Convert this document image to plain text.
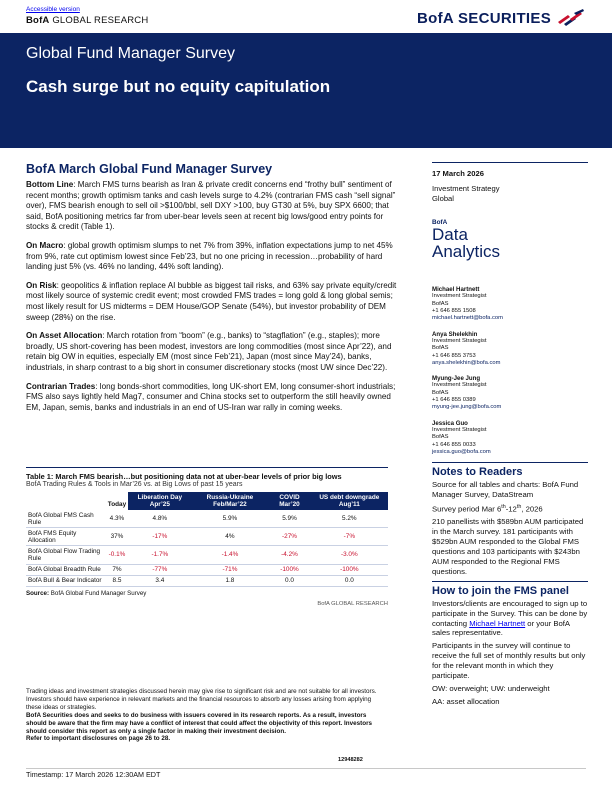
Accessible version
BofA GLOBAL RESEARCH	BofA SECURITIES
Global Fund Manager Survey
Cash surge but no equity capitulation
BofA March Global Fund Manager Survey

Bottom Line: March FMS turns bearish as Iran & private credit concerns end “frothy bull” sentiment of recent months; growth optimism tanks and cash levels surge to 4.2% (contrarian FMS cash “sell signal” over), FMS bearish enough to sell oil >$100/bbl, sell DXY >100, buy GT30 at 5%, buy SPX 6600; that said, BofA positioning metrics far from uber-bear levels seen at recent big lows/good entry points for stocks & credit (Table 1).

On Macro: global growth optimism slumps to net 7% from 39%, inflation expectations jump to net 45% from 9%, rate cut optimism lowest since Feb’23, but no one pricing in recession…probability of hard landing just 5% (vs. 46% no landing, 44% soft landing).

On Risk: geopolitics & inflation replace AI bubble as biggest tail risks, and 63% say private equity/credit most likely source of systemic credit event; most crowded FMS trades = long gold & long global semis; most likely result for US midterms = DEM House/GOP Senate (54%), but investor probability of DEM sweep (28%) on the rise.

On Asset Allocation: March rotation from “boom” (e.g., banks) to “stagflation” (e.g., staples); more broadly, US short-covering has been modest, investors are long commodities (most since Apr’22), and retain big OW in equities, especially EM (most since Feb’21), Japan (most since May’24), banks, industrials, in sharp contrast to a big short in consumer discretionary stocks (most UW since Dec’22).

Contrarian Trades: long bonds-short commodities, long UK-short EM, long consumer-short industrials; FMS also says lightly held Mag7, consumer and China stocks set to outperform the still heavily owned EM, Japan, semis, banks and industrials in an end of US-Iran war rally in coming weeks.

Table 1: March FMS bearish…but positioning data not at uber-bear levels of prior big lows
BofA Trading Rules & Tools in Mar’26 vs. at Big Lows of past 15 years
	Today	Liberation Day Apr’25	Russia-Ukraine Feb/Mar’22	COVID Mar’20	US debt downgrade Aug’11
BofA Global FMS Cash Rule	4.3%	4.8%	5.9%	5.9%	5.2%
BofA FMS Equity Allocation	37%	-17%	4%	-27%	-7%
BofA Global Flow Trading Rule	-0.1%	-1.7%	-1.4%	-4.2%	-3.0%
BofA Global Breadth Rule	7%	-77%	-71%	-100%	-100%
BofA Bull & Bear Indicator	8.5	3.4	1.8	0.0	0.0
Source: BofA Global Fund Manager Survey
BofA GLOBAL RESEARCH
17 March 2026
Investment Strategy
Global
BofA
Data
Analytics
Michael Hartnett
Investment Strategist
BofAS
+1 646 855 1508
michael.hartnett@bofa.com
Anya Shelekhin
Investment Strategist
BofAS
+1 646 855 3753
anya.shelekhin@bofa.com
Myung-Jee Jung
Investment Strategist
BofAS
+1 646 855 0389
myung-jee.jung@bofa.com
Jessica Guo
Investment Strategist
BofAS
+1 646 855 0033
jessica.guo@bofa.com
Notes to Readers

Source for all tables and charts: BofA Fund Manager Survey, DataStream

Survey period Mar 6th-12th, 2026

210 panellists with $589bn AUM participated in the March survey. 181 participants with $529bn AUM responded to the Global FMS questions and 103 participants with $243bn AUM responded to the Regional FMS questions.

How to join the FMS panel

Investors/clients are encouraged to sign up to participate in the Survey. This can be done by contacting Michael Hartnett or your BofA sales representative.

Participants in the survey will continue to receive the full set of monthly results but only for the relevant month in which they participate.

OW: overweight; UW: underweight

AA: asset allocation

Trading ideas and investment strategies discussed herein may give rise to significant risk and are not suitable for all investors. Investors should have experience in relevant markets and the financial resources to absorb any losses arising from applying these ideas or strategies.
BofA Securities does and seeks to do business with issuers covered in its research reports. As a result, investors should be aware that the firm may have a conflict of interest that could affect the objectivity of this report. Investors should consider this report as only a single factor in making their investment decision.
Refer to important disclosures on page 26 to 28.
12948282
Timestamp: 17 March 2026 12:30AM EDT
